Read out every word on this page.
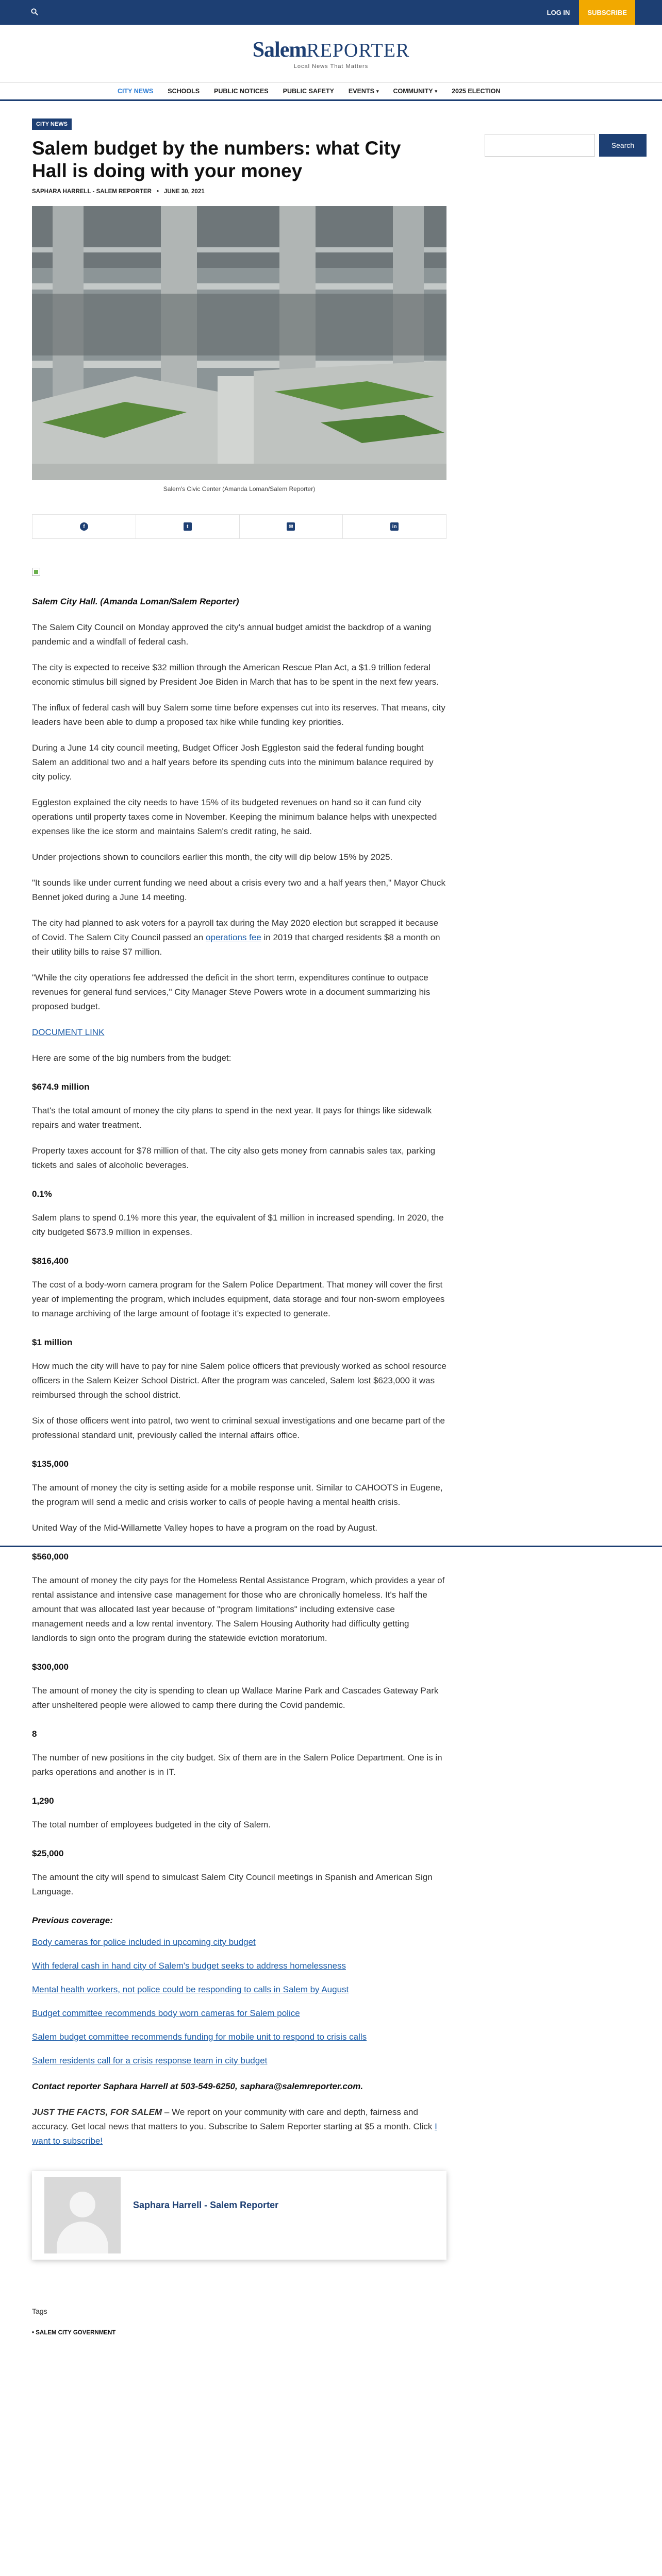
LOG IN	SUBSCRIBE
SalemREPORTER
Local News That Matters
CITY NEWS SCHOOLS PUBLIC NOTICES PUBLIC SAFETY EVENTS ▾ COMMUNITY ▾ 2025 ELECTION
CITY NEWS
Salem budget by the numbers: what City Hall is doing with your money
SAPHARA HARRELL - SALEM REPORTER • JUNE 30, 2021
Salem's Civic Center (Amanda Loman/Salem Reporter)
f	t	✉	in

Salem City Hall. (Amanda Loman/Salem Reporter)

The Salem City Council on Monday approved the city's annual budget amidst the backdrop of a waning pandemic and a windfall of federal cash.

The city is expected to receive $32 million through the American Rescue Plan Act, a $1.9 trillion federal economic stimulus bill signed by President Joe Biden in March that has to be spent in the next few years.

The influx of federal cash will buy Salem some time before expenses cut into its reserves. That means, city leaders have been able to dump a proposed tax hike while funding key priorities.

During a June 14 city council meeting, Budget Officer Josh Eggleston said the federal funding bought Salem an additional two and a half years before its spending cuts into the minimum balance required by city policy.

Eggleston explained the city needs to have 15% of its budgeted revenues on hand so it can fund city operations until property taxes come in November. Keeping the minimum balance helps with unexpected expenses like the ice storm and maintains Salem's credit rating, he said.

Under projections shown to councilors earlier this month, the city will dip below 15% by 2025.

"It sounds like under current funding we need about a crisis every two and a half years then," Mayor Chuck Bennet joked during a June 14 meeting.

The city had planned to ask voters for a payroll tax during the May 2020 election but scrapped it because of Covid. The Salem City Council passed an operations fee in 2019 that charged residents $8 a month on their utility bills to raise $7 million.

"While the city operations fee addressed the deficit in the short term, expenditures continue to outpace revenues for general fund services," City Manager Steve Powers wrote in a document summarizing his proposed budget.

DOCUMENT LINK

Here are some of the big numbers from the budget:

$674.9 million

That's the total amount of money the city plans to spend in the next year. It pays for things like sidewalk repairs and water treatment.

Property taxes account for $78 million of that. The city also gets money from cannabis sales tax, parking tickets and sales of alcoholic beverages.

0.1%

Salem plans to spend 0.1% more this year, the equivalent of $1 million in increased spending. In 2020, the city budgeted $673.9 million in expenses.

$816,400

The cost of a body-worn camera program for the Salem Police Department. That money will cover the first year of implementing the program, which includes equipment, data storage and four non-sworn employees to manage archiving of the large amount of footage it's expected to generate.

$1 million

How much the city will have to pay for nine Salem police officers that previously worked as school resource officers in the Salem Keizer School District. After the program was canceled, Salem lost $623,000 it was reimbursed through the school district.

Six of those officers went into patrol, two went to criminal sexual investigations and one became part of the professional standard unit, previously called the internal affairs office.

$135,000

The amount of money the city is setting aside for a mobile response unit. Similar to CAHOOTS in Eugene, the program will send a medic and crisis worker to calls of people having a mental health crisis.

United Way of the Mid-Willamette Valley hopes to have a program on the road by August.

$560,000

The amount of money the city pays for the Homeless Rental Assistance Program, which provides a year of rental assistance and intensive case management for those who are chronically homeless. It's half the amount that was allocated last year because of "program limitations" including extensive case management needs and a low rental inventory. The Salem Housing Authority had difficulty getting landlords to sign onto the program during the statewide eviction moratorium.

$300,000

The amount of money the city is spending to clean up Wallace Marine Park and Cascades Gateway Park after unsheltered people were allowed to camp there during the Covid pandemic.

8

The number of new positions in the city budget. Six of them are in the Salem Police Department. One is in parks operations and another is in IT.

1,290

The total number of employees budgeted in the city of Salem.

$25,000

The amount the city will spend to simulcast Salem City Council meetings in Spanish and American Sign Language.

Previous coverage:
Body cameras for police included in upcoming city budget
With federal cash in hand city of Salem's budget seeks to address homelessness
Mental health workers, not police could be responding to calls in Salem by August
Budget committee recommends body worn cameras for Salem police
Salem budget committee recommends funding for mobile unit to respond to crisis calls
Salem residents call for a crisis response team in city budget

Contact reporter Saphara Harrell at 503-549-6250, saphara@salemreporter.com.

JUST THE FACTS, FOR SALEM – We report on your community with care and depth, fairness and accuracy. Get local news that matters to you. Subscribe to Salem Reporter starting at $5 a month. Click I want to subscribe!

Saphara Harrell - Salem Reporter
Tags
• SALEM CITY GOVERNMENT
Search
